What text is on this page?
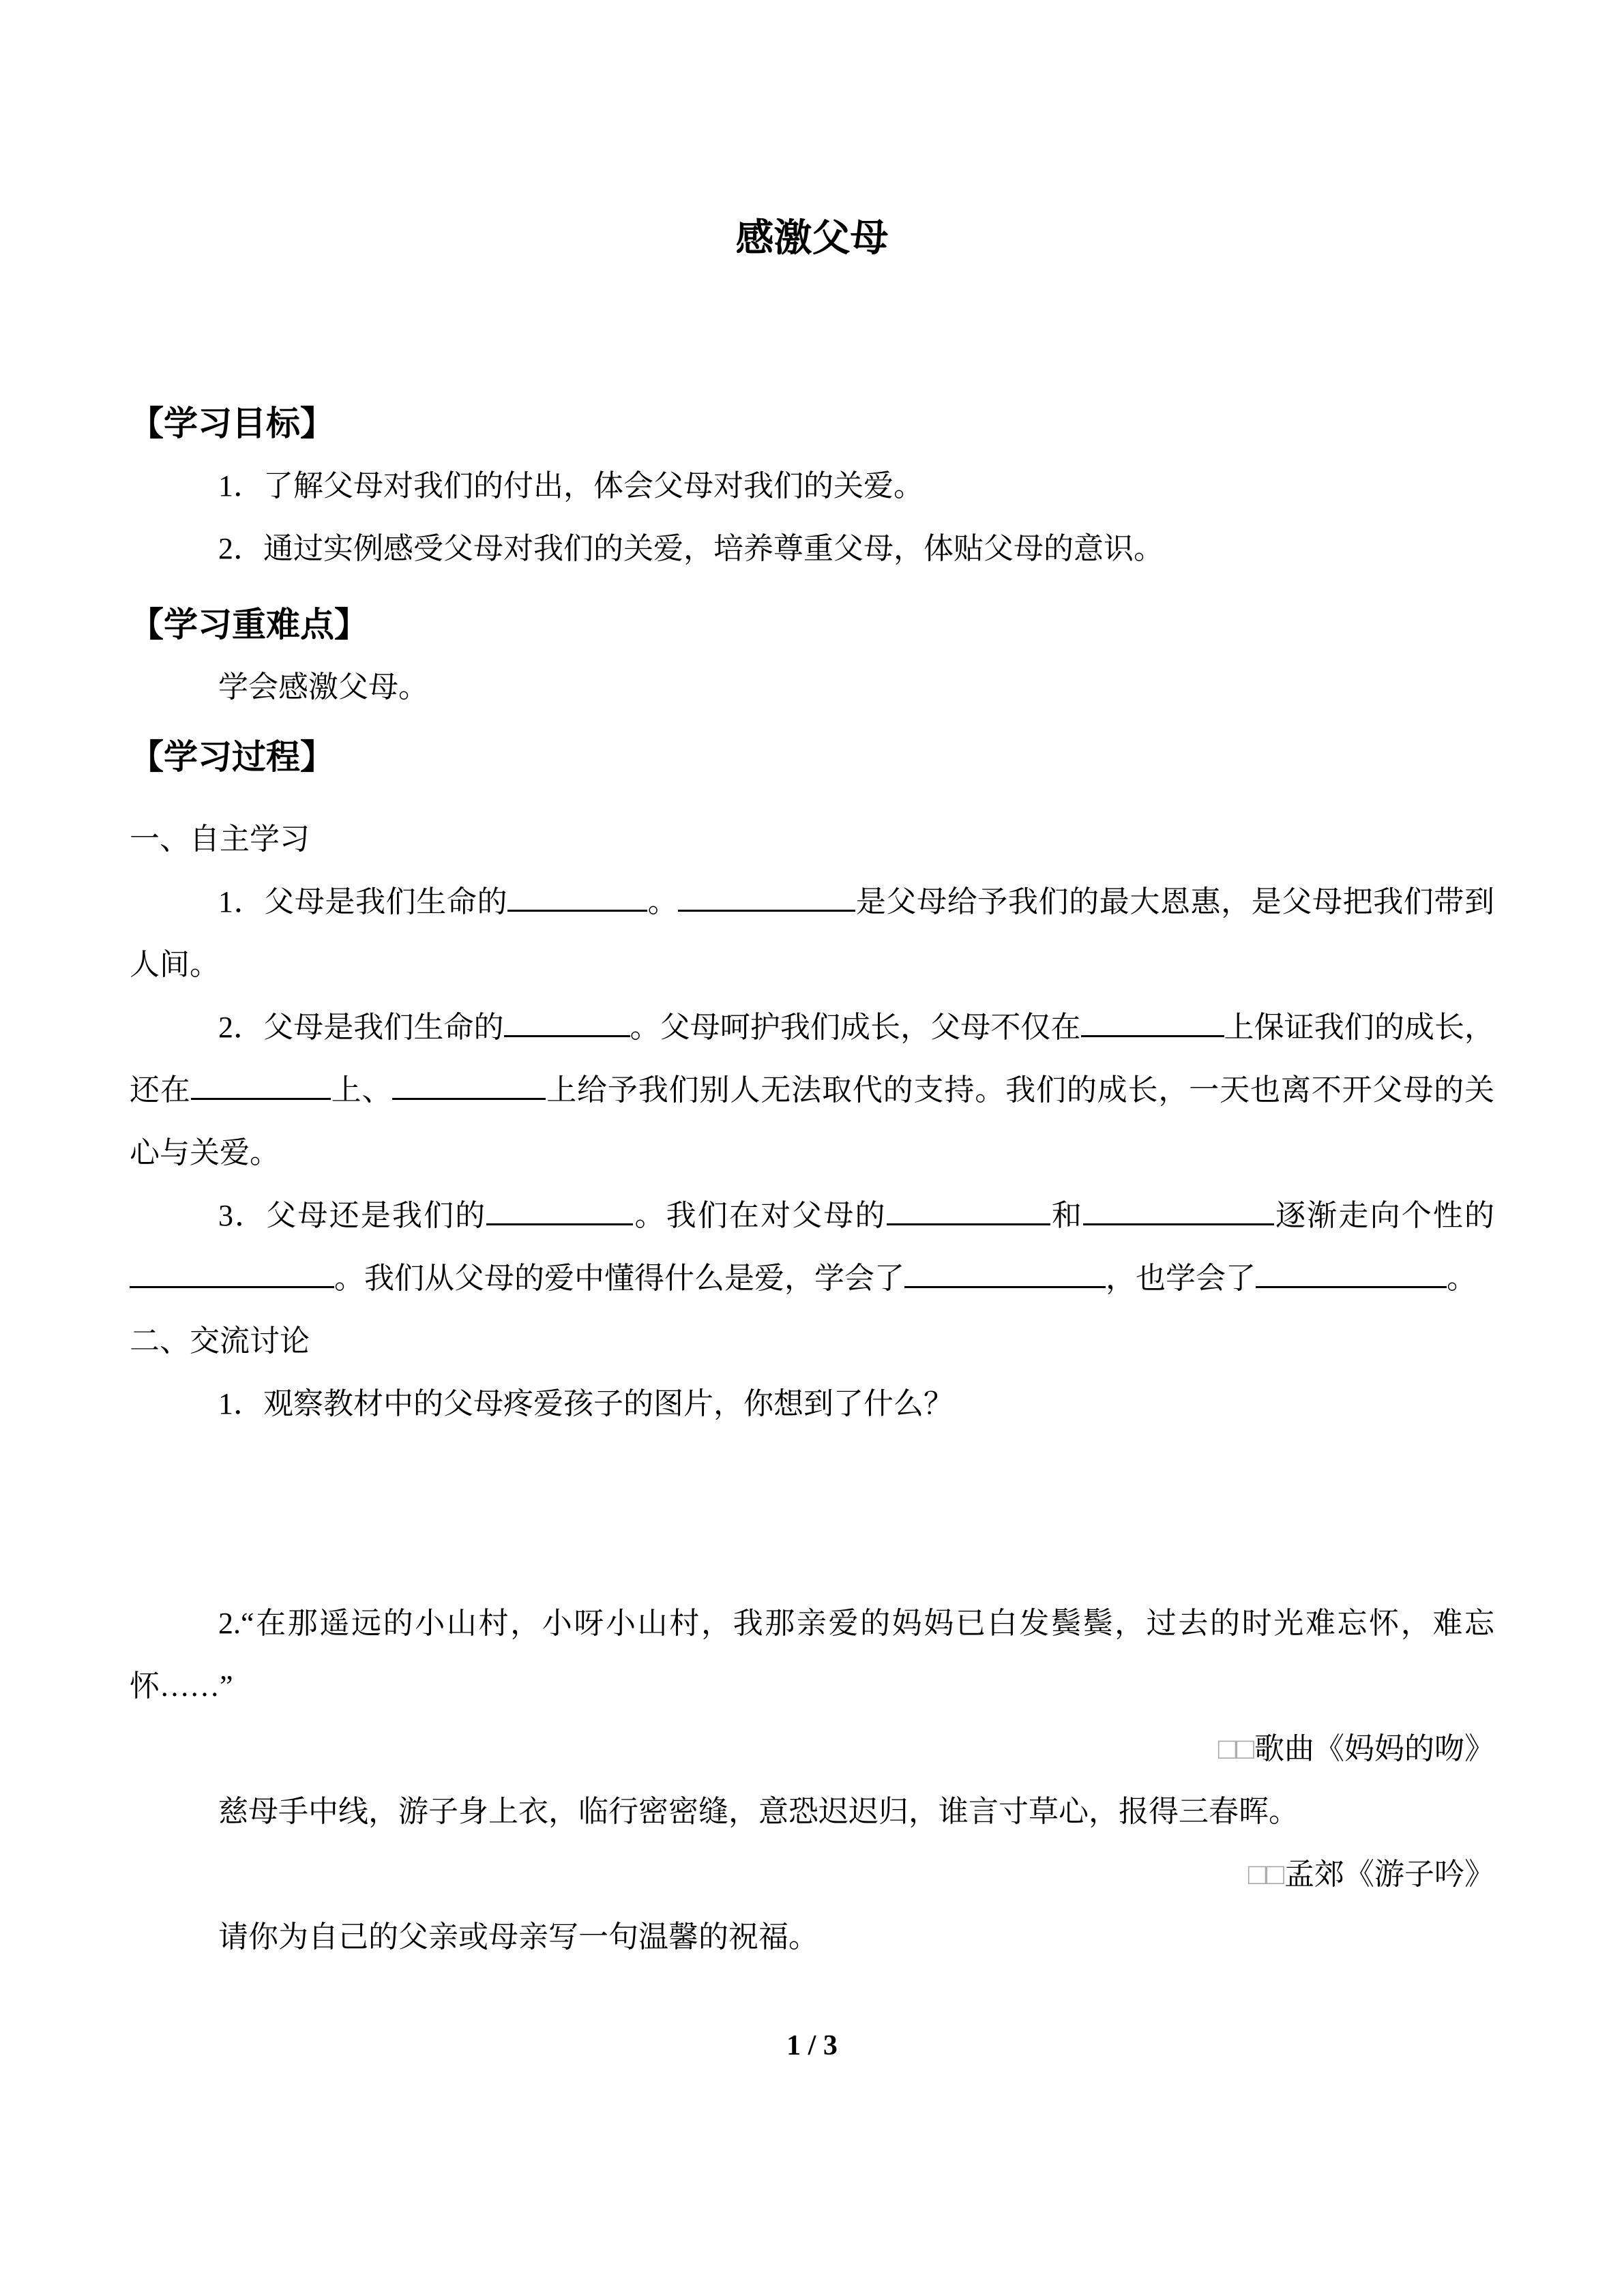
感激父母
【学习目标】

1．了解父母对我们的付出，体会父母对我们的关爱。

2．通过实例感受父母对我们的关爱，培养尊重父母，体贴父母的意识。

【学习重难点】

学会感激父母。

【学习过程】

一、自主学习

1．父母是我们生命的	。	是父母给予我们的最大恩惠，是父母把我们带到人间。

2．父母是我们生命的	。父母呵护我们成长，父母不仅在	上保证我们的成长，还在	上、	上给予我们别人无法取代的支持。我们的成长，一天也离不开父母的关心与关爱。

3．父母还是我们的	。我们在对父母的	和	逐渐走向个性的。我们从父母的爱中懂得什么是爱，学会了	，也学会了	。

二、交流讨论

1．观察教材中的父母疼爱孩子的图片，你想到了什么？

2.“在那遥远的小山村，小呀小山村，我那亲爱的妈妈已白发鬓鬓，过去的时光难忘怀，难忘怀……”

□□歌曲《妈妈的吻》

慈母手中线，游子身上衣，临行密密缝，意恐迟迟归，谁言寸草心，报得三春晖。

□□孟郊《游子吟》

请你为自己的父亲或母亲写一句温馨的祝福。

1 / 3
